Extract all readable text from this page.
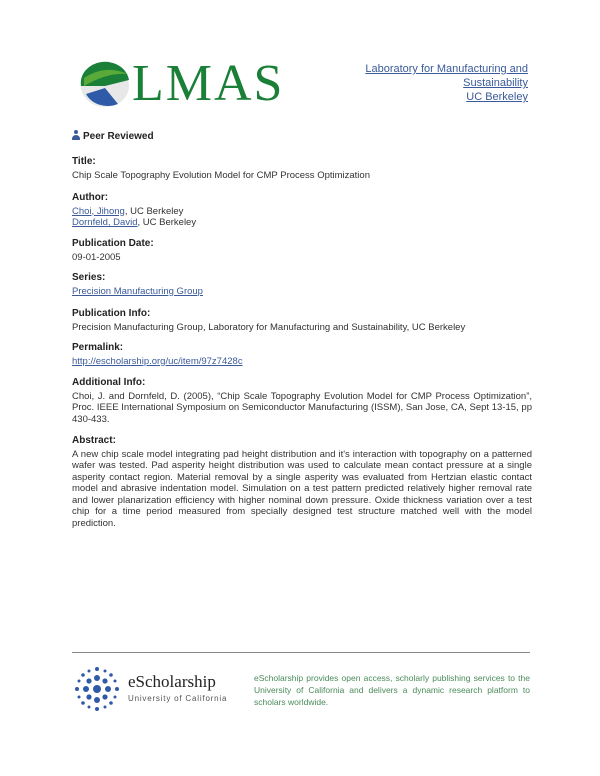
LMAS	Laboratory for Manufacturing and
Sustainability
UC Berkeley
Peer Reviewed
Title:
Chip Scale Topography Evolution Model for CMP Process Optimization
Author:
Choi, Jihong, UC Berkeley
Dornfeld, David, UC Berkeley
Publication Date:
09-01-2005
Series:
Precision Manufacturing Group
Publication Info:
Precision Manufacturing Group, Laboratory for Manufacturing and Sustainability, UC Berkeley
Permalink:
http://escholarship.org/uc/item/97z7428c
Additional Info:
Choi, J. and Dornfeld, D. (2005), “Chip Scale Topography Evolution Model for CMP Process Optimization”, Proc. IEEE International Symposium on Semiconductor Manufacturing (ISSM), San Jose, CA, Sept 13-15, pp 430-433.
Abstract:
A new chip scale model integrating pad height distribution and it's interaction with topography on a patterned wafer was tested. Pad asperity height distribution was used to calculate mean contact pressure at a single asperity contact region. Material removal by a single asperity was evaluated from Hertzian elastic contact model and abrasive indentation model. Simulation on a test pattern predicted relatively higher removal rate and lower planarization efficiency with higher nominal down pressure. Oxide thickness variation over a test chip for a time period measured from specially designed test structure matched well with the model prediction.
eScholarship
University of California
eScholarship provides open access, scholarly publishing services to the University of California and delivers a dynamic research platform to scholars worldwide.
